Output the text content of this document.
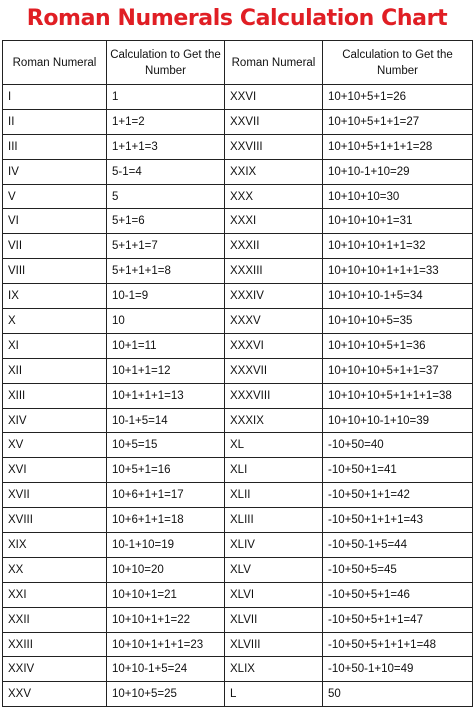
Roman Numerals Calculation Chart
Roman Numeral	Calculation to Get the Number	Roman Numeral	Calculation to Get the Number
I	1	XXVI	10+10+5+1=26
II	1+1=2	XXVII	10+10+5+1+1=27
III	1+1+1=3	XXVIII	10+10+5+1+1+1=28
IV	5-1=4	XXIX	10+10-1+10=29
V	5	XXX	10+10+10=30
VI	5+1=6	XXXI	10+10+10+1=31
VII	5+1+1=7	XXXII	10+10+10+1+1=32
VIII	5+1+1+1=8	XXXIII	10+10+10+1+1+1=33
IX	10-1=9	XXXIV	10+10+10-1+5=34
X	10	XXXV	10+10+10+5=35
XI	10+1=11	XXXVI	10+10+10+5+1=36
XII	10+1+1=12	XXXVII	10+10+10+5+1+1=37
XIII	10+1+1+1=13	XXXVIII	10+10+10+5+1+1+1=38
XIV	10-1+5=14	XXXIX	10+10+10-1+10=39
XV	10+5=15	XL	-10+50=40
XVI	10+5+1=16	XLI	-10+50+1=41
XVII	10+6+1+1=17	XLII	-10+50+1+1=42
XVIII	10+6+1+1=18	XLIII	-10+50+1+1+1=43
XIX	10-1+10=19	XLIV	-10+50-1+5=44
XX	10+10=20	XLV	-10+50+5=45
XXI	10+10+1=21	XLVI	-10+50+5+1=46
XXII	10+10+1+1=22	XLVII	-10+50+5+1+1=47
XXIII	10+10+1+1+1=23	XLVIII	-10+50+5+1+1+1=48
XXIV	10+10-1+5=24	XLIX	-10+50-1+10=49
XXV	10+10+5=25	L	50
